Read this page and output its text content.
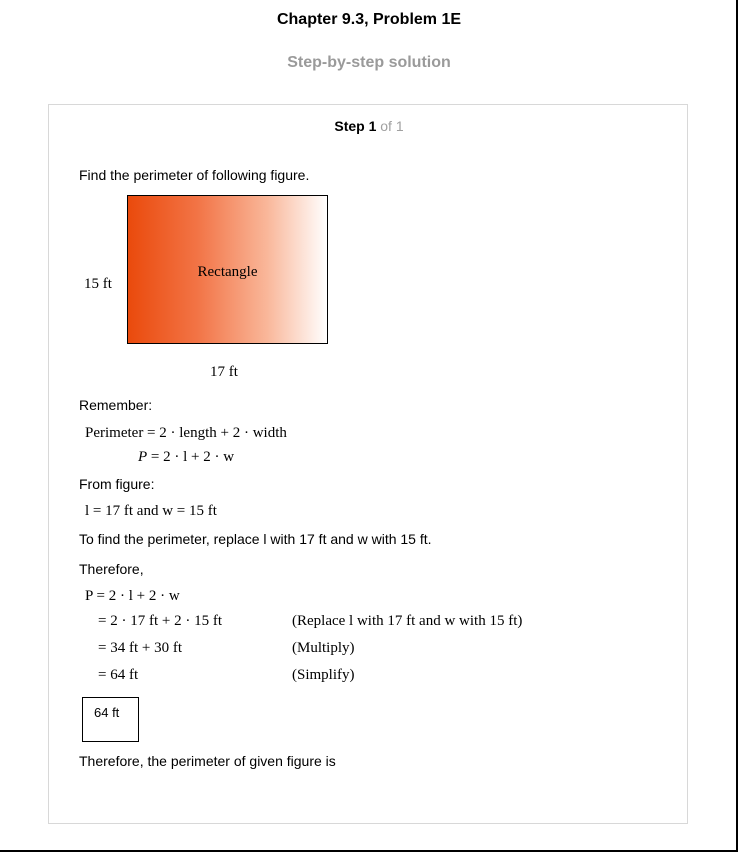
Chapter 9.3, Problem 1E
Step-by-step solution
Step 1 of 1
Find the perimeter of following figure.
15 ft
Rectangle
17 ft
Remember:
Perimeter = 2 · length + 2 · width
P = 2 · l + 2 · w
From figure:
l = 17 ft and w = 15 ft
To find the perimeter, replace l with 17 ft and w with 15 ft.
Therefore,
P = 2 · l + 2 · w
= 2 · 17 ft + 2 · 15 ft	(Replace l with 17 ft and w with 15 ft)
= 34 ft + 30 ft	(Multiply)
= 64 ft	(Simplify)
64 ft
Therefore, the perimeter of given figure is
